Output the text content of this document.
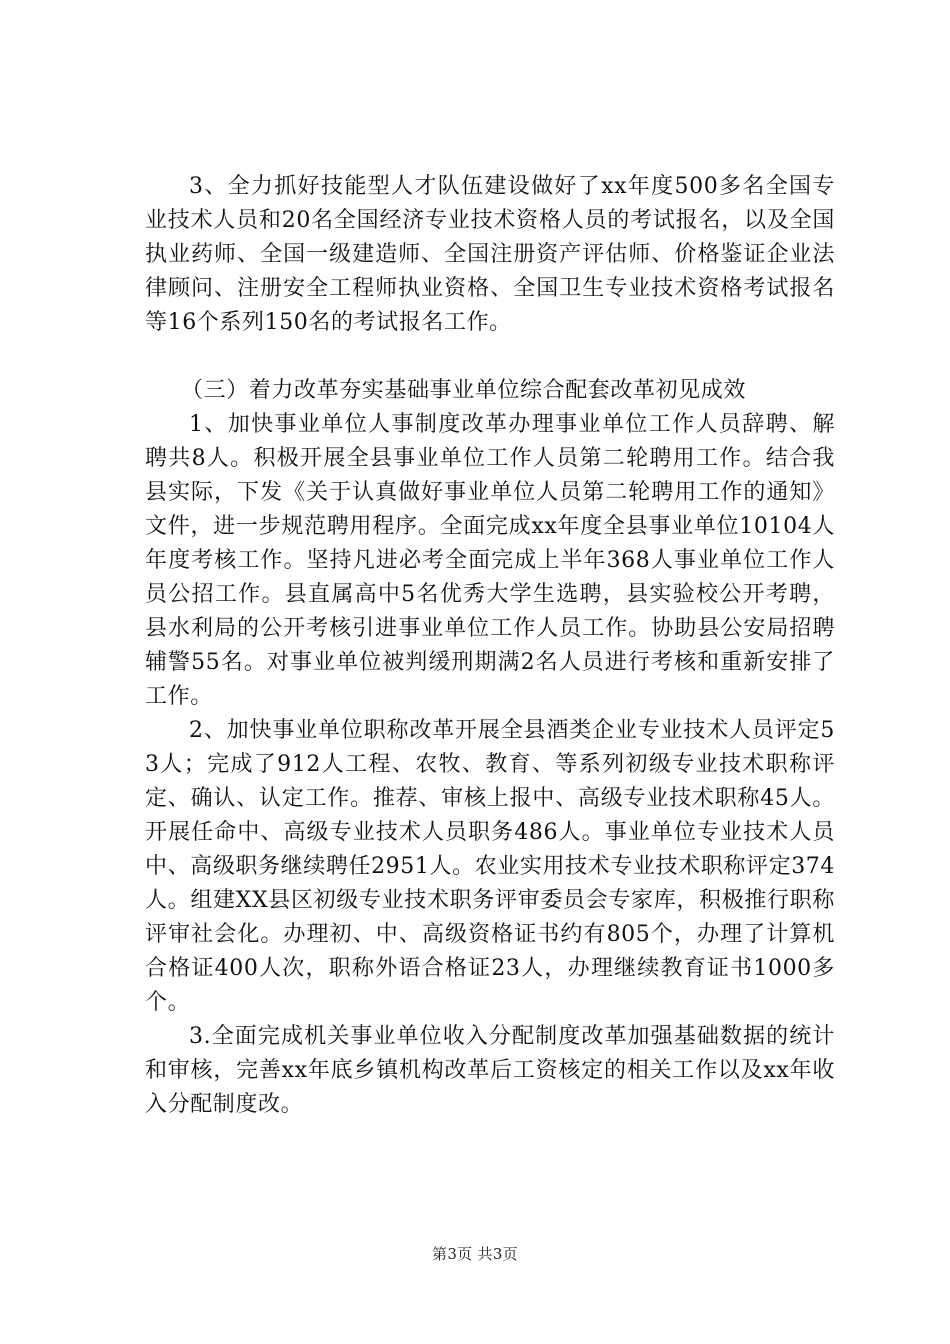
3、全力抓好技能型人才队伍建设做好了xx年度500多名全国专业技术人员和20名全国经济专业技术资格人员的考试报名，以及全国执业药师、全国一级建造师、全国注册资产评估师、价格鉴证企业法律顾问、注册安全工程师执业资格、全国卫生专业技术资格考试报名等16个系列150名的考试报名工作。

（三）着力改革夯实基础事业单位综合配套改革初见成效

1、加快事业单位人事制度改革办理事业单位工作人员辞聘、解聘共8人。积极开展全县事业单位工作人员第二轮聘用工作。结合我县实际，下发《关于认真做好事业单位人员第二轮聘用工作的通知》文件，进一步规范聘用程序。全面完成xx年度全县事业单位10104人年度考核工作。坚持凡进必考全面完成上半年368人事业单位工作人员公招工作。县直属高中5名优秀大学生选聘，县实验校公开考聘，县水利局的公开考核引进事业单位工作人员工作。协助县公安局招聘辅警55名。对事业单位被判缓刑期满2名人员进行考核和重新安排了工作。

2、加快事业单位职称改革开展全县酒类企业专业技术人员评定53人；完成了912人工程、农牧、教育、等系列初级专业技术职称评定、确认、认定工作。推荐、审核上报中、高级专业技术职称45人。开展任命中、高级专业技术人员职务486人。事业单位专业技术人员中、高级职务继续聘任2951人。农业实用技术专业技术职称评定374人。组建XX县区初级专业技术职务评审委员会专家库，积极推行职称评审社会化。办理初、中、高级资格证书约有805个，办理了计算机合格证400人次，职称外语合格证23人，办理继续教育证书1000多个。

3.全面完成机关事业单位收入分配制度改革加强基础数据的统计和审核，完善xx年底乡镇机构改革后工资核定的相关工作以及xx年收入分配制度改。

第3页 共3页
